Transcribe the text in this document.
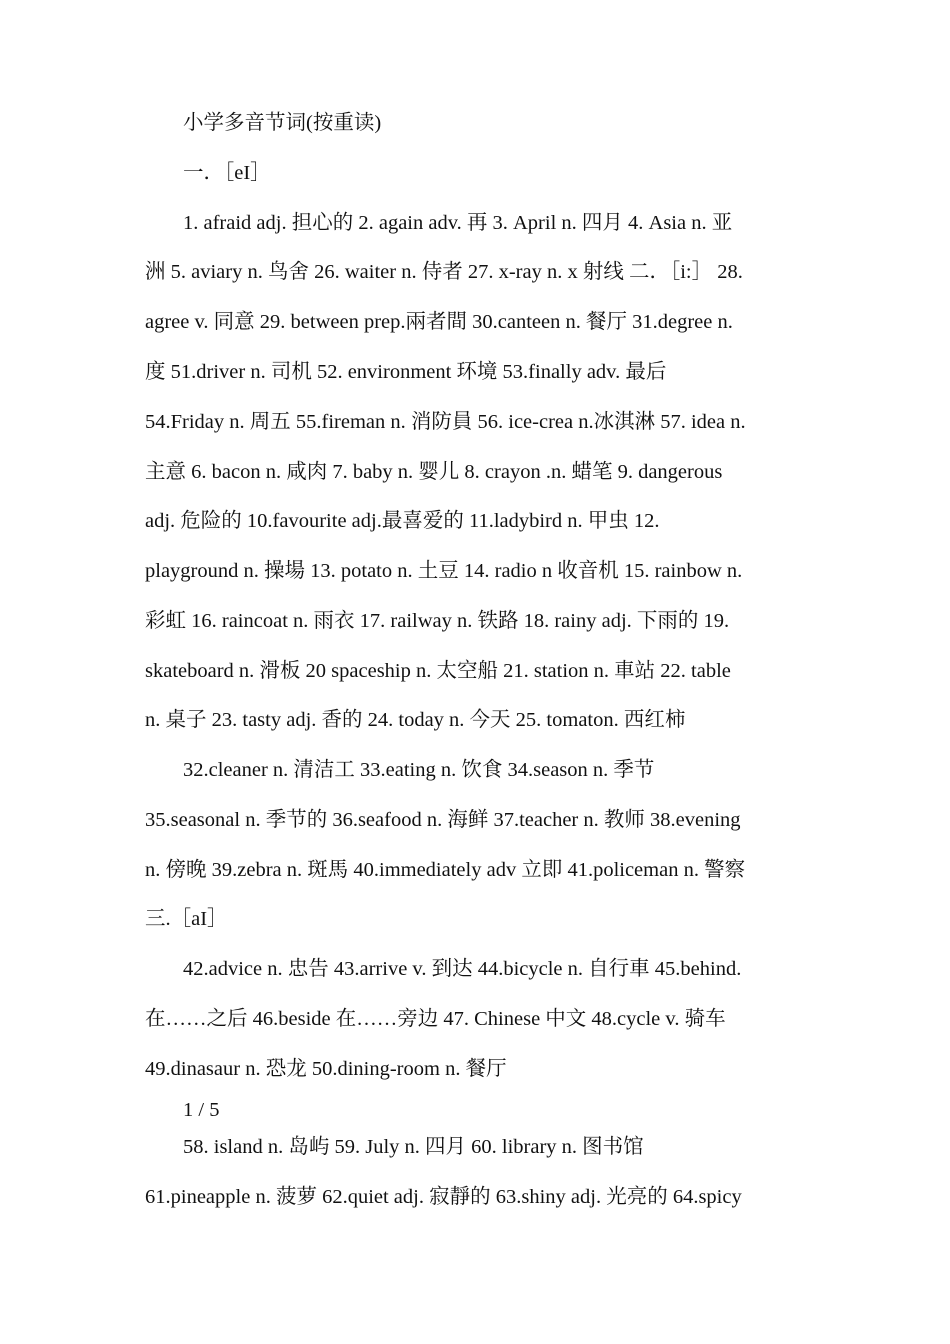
小学多音节词(按重读)
一．［eI］
1. afraid adj. 担心的 2. again adv. 再 3. April n. 四月 4. Asia n. 亚
洲 5. aviary n. 鸟舍 26. waiter n. 侍者 27. x-ray n. x 射线 二．［i:］ 28.
agree v. 同意 29. between prep.兩者間 30.canteen n. 餐厅 31.degree n.
度 51.driver n. 司机 52. environment 环境 53.finally adv. 最后
54.Friday n. 周五 55.fireman n. 消防員 56. ice-crea n.冰淇淋 57. idea n.
主意 6. bacon n. 咸肉 7. baby n. 婴儿 8. crayon .n. 蜡笔 9. dangerous
adj. 危险的 10.favourite adj.最喜爱的 11.ladybird n. 甲虫 12.
playground n. 操場 13. potato n. 土豆 14. radio n 收音机 15. rainbow n.
彩虹 16. raincoat n. 雨衣 17. railway n. 铁路 18. rainy adj. 下雨的 19.
skateboard n. 滑板 20 spaceship n. 太空船 21. station n. 車站 22. table
n. 桌子 23. tasty adj. 香的 24. today n. 今天 25. tomaton. 西红柿
32.cleaner n. 清洁工 33.eating n. 饮食 34.season n. 季节
35.seasonal n. 季节的 36.seafood n. 海鲜 37.teacher n. 教师 38.evening
n. 傍晚 39.zebra n. 斑馬 40.immediately adv 立即 41.policeman n. 警察
三.［aI］
42.advice n. 忠告 43.arrive v. 到达 44.bicycle n. 自行車 45.behind.
在……之后 46.beside 在……旁边 47. Chinese 中文 48.cycle v. 骑车
49.dinasaur n. 恐龙 50.dining-room n. 餐厅
1 / 5
58. island n. 岛屿 59. July n. 四月 60. library n. 图书馆
61.pineapple n. 菠萝 62.quiet adj. 寂靜的 63.shiny adj. 光亮的 64.spicy
